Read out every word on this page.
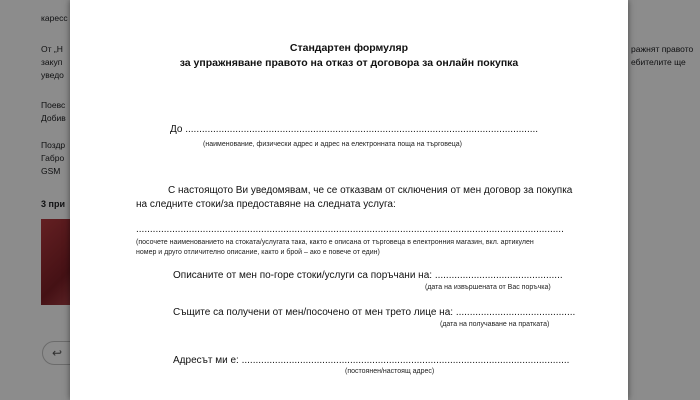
каресс
От „Н
закуп
уведо
Поевс
Добив
Поздр
Габро
GSM
3 при
ражнят правото
ебителите ще
↩
Стандартен формуляр
за упражняване правото на отказ от договора за онлайн покупка
До ...............................................................................................................................
(наименование, физически адрес и адрес на електронната поща на търговеца)
С настоящото Ви уведомявам, че се отказвам от сключения от мен договор за покупка
на следните стоки/за предоставяне на следната услуга:
..........................................................................................................................................................
(посочете наименованието на стоката/услугата така, както е описана от търговеца в електронния магазин, вкл. артикулен
номер и друго отличително описание, както и брой – ако е повече от един)
Описаните от мен по-горе стоки/услуги са поръчани на: ..............................................
(дата на извършената от Вас поръчка)
Същите са получени от мен/посочено от мен трето лице на: ...........................................
(дата на получаване на пратката)
Адресът ми е: ......................................................................................................................
(постоянен/настоящ адрес)
